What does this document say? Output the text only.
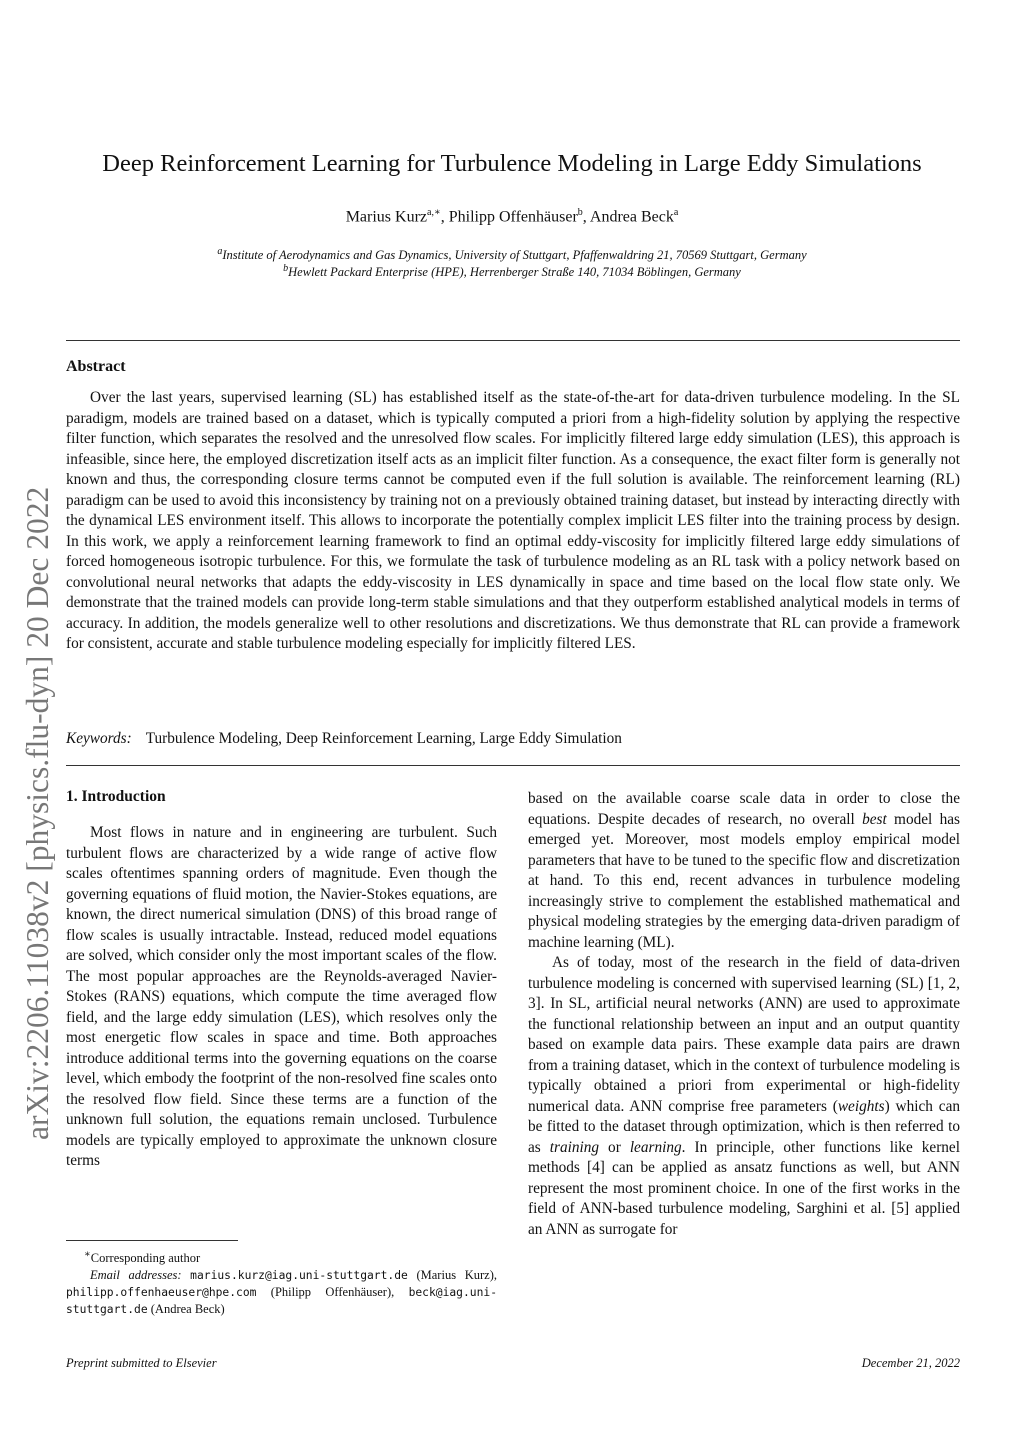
arXiv:2206.11038v2 [physics.flu-dyn] 20 Dec 2022
Deep Reinforcement Learning for Turbulence Modeling in Large Eddy Simulations
Marius Kurz$^{a,∗}$, Philipp Offenhäuser$^b$, Andrea Beck$^a$
$^a$Institute of Aerodynamics and Gas Dynamics, University of Stuttgart, Pfaffenwaldring 21, 70569 Stuttgart, Germany
$^b$Hewlett Packard Enterprise (HPE), Herrenberger Straße 140, 71034 Böblingen, Germany
Abstract
Over the last years, supervised learning (SL) has established itself as the state-of-the-art for data-driven turbulence modeling. In the SL paradigm, models are trained based on a dataset, which is typically computed a priori from a high-fidelity solution by applying the respective filter function, which separates the resolved and the unresolved flow scales. For implicitly filtered large eddy simulation (LES), this approach is infeasible, since here, the employed discretization itself acts as an implicit filter function. As a consequence, the exact filter form is generally not known and thus, the corresponding closure terms cannot be computed even if the full solution is available. The reinforcement learning (RL) paradigm can be used to avoid this inconsistency by training not on a previously obtained training dataset, but instead by interacting directly with the dynamical LES environment itself. This allows to incorporate the potentially complex implicit LES filter into the training process by design. In this work, we apply a reinforcement learning framework to find an optimal eddy-viscosity for implicitly filtered large eddy simulations of forced homogeneous isotropic turbulence. For this, we formulate the task of turbulence modeling as an RL task with a policy network based on convolutional neural networks that adapts the eddy-viscosity in LES dynamically in space and time based on the local flow state only. We demonstrate that the trained models can provide long-term stable simulations and that they outperform established analytical models in terms of accuracy. In addition, the models generalize well to other resolutions and discretizations. We thus demonstrate that RL can provide a framework for consistent, accurate and stable turbulence modeling especially for implicitly filtered LES.
Keywords: Turbulence Modeling, Deep Reinforcement Learning, Large Eddy Simulation
1. Introduction

Most flows in nature and in engineering are turbulent. Such turbulent flows are characterized by a wide range of active flow scales oftentimes spanning orders of magnitude. Even though the governing equations of fluid motion, the Navier-Stokes equations, are known, the direct numerical simulation (DNS) of this broad range of flow scales is usually intractable. Instead, reduced model equations are solved, which consider only the most important scales of the flow. The most popular approaches are the Reynolds-averaged Navier-Stokes (RANS) equations, which compute the time averaged flow field, and the large eddy simulation (LES), which resolves only the most energetic flow scales in space and time. Both approaches introduce additional terms into the governing equations on the coarse level, which embody the footprint of the non-resolved fine scales onto the resolved flow field. Since these terms are a function of the unknown full solution, the equations remain unclosed. Turbulence models are typically employed to approximate the unknown closure terms

based on the available coarse scale data in order to close the equations. Despite decades of research, no overall best model has emerged yet. Moreover, most models employ empirical model parameters that have to be tuned to the specific flow and discretization at hand. To this end, recent advances in turbulence modeling increasingly strive to complement the established mathematical and physical modeling strategies by the emerging data-driven paradigm of machine learning (ML).

As of today, most of the research in the field of data-driven turbulence modeling is concerned with supervised learning (SL) [1, 2, 3]. In SL, artificial neural networks (ANN) are used to approximate the functional relationship between an input and an output quantity based on example data pairs. These example data pairs are drawn from a training dataset, which in the context of turbulence modeling is typically obtained a priori from experimental or high-fidelity numerical data. ANN comprise free parameters (weights) which can be fitted to the dataset through optimization, which is then referred to as training or learning. In principle, other functions like kernel methods [4] can be applied as ansatz functions as well, but ANN represent the most prominent choice. In one of the first works in the field of ANN-based turbulence modeling, Sarghini et al. [5] applied an ANN as surrogate for

∗Corresponding author
Email addresses: marius.kurz@iag.uni-stuttgart.de (Marius Kurz), philipp.offenhaeuser@hpe.com (Philipp Offenhäuser), beck@iag.uni-stuttgart.de (Andrea Beck)
Preprint submitted to Elsevier	December 21, 2022
